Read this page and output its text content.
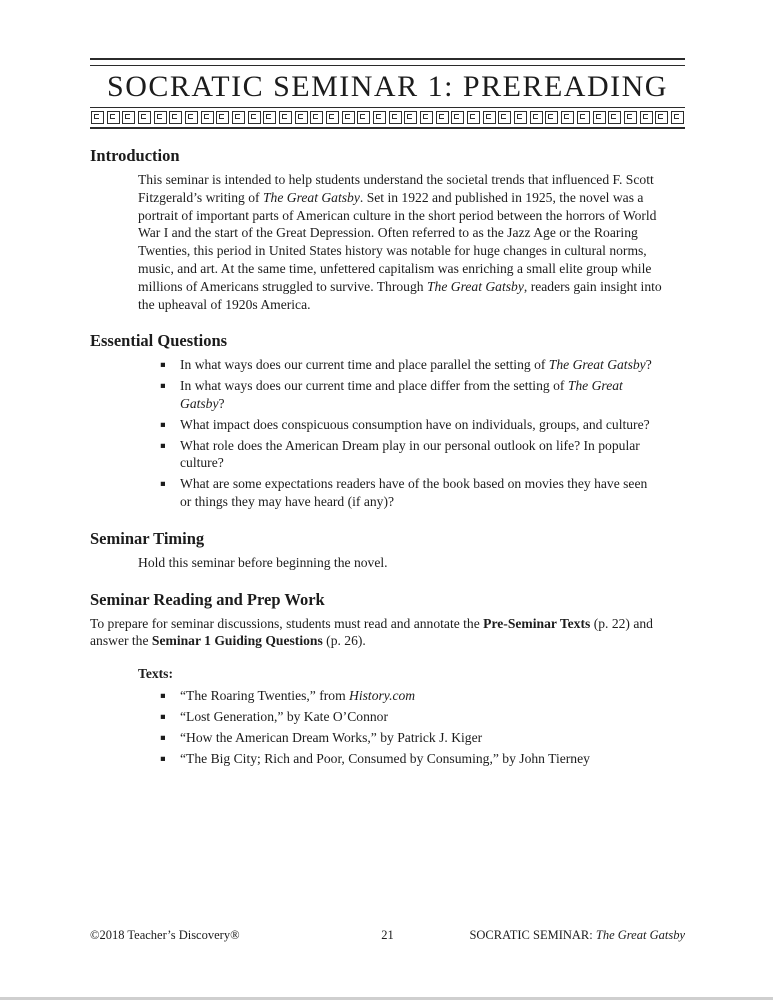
SOCRATIC SEMINAR 1: PREREADING
Introduction

This seminar is intended to help students understand the societal trends that influenced F. Scott Fitzgerald’s writing of The Great Gatsby. Set in 1922 and published in 1925, the novel was a portrait of important parts of American culture in the short period between the horrors of World War I and the start of the Great Depression. Often referred to as the Jazz Age or the Roaring Twenties, this period in United States history was notable for huge changes in cultural norms, music, and art. At the same time, unfettered capitalism was enriching a small elite group while millions of Americans struggled to survive. Through The Great Gatsby, readers gain insight into the upheaval of 1920s America.

Essential Questions
▪	In what ways does our current time and place parallel the setting of The Great Gatsby?
▪	In what ways does our current time and place differ from the setting of The Great Gatsby?
▪	What impact does conspicuous consumption have on individuals, groups, and culture?
▪	What role does the American Dream play in our personal outlook on life? In popular culture?
▪	What are some expectations readers have of the book based on movies they have seen or things they may have heard (if any)?
Seminar Timing

Hold this seminar before beginning the novel.

Seminar Reading and Prep Work

To prepare for seminar discussions, students must read and annotate the Pre-Seminar Texts (p. 22) and answer the Seminar 1 Guiding Questions (p. 26).

Texts:

▪	“The Roaring Twenties,” from History.com
▪	“Lost Generation,” by Kate O’Connor
▪	“How the American Dream Works,” by Patrick J. Kiger
▪	“The Big City; Rich and Poor, Consumed by Consuming,” by John Tierney
©2018 Teacher’s Discovery®	21	SOCRATIC SEMINAR: The Great Gatsby
